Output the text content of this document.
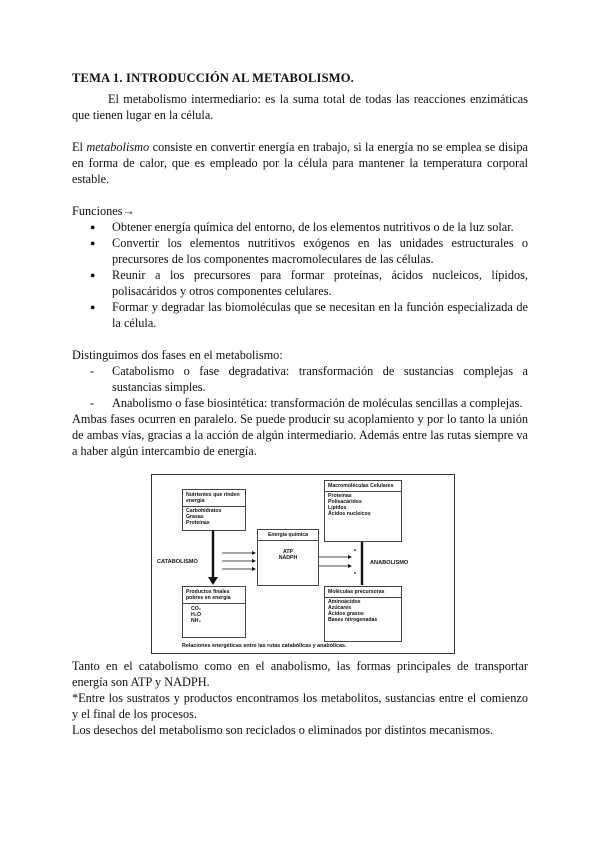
TEMA 1. INTRODUCCIÓN AL METABOLISMO.

El metabolismo intermediario: es la suma total de todas las reacciones enzimáticas que tienen lugar en la célula.

El metabolismo consiste en convertir energía en trabajo, si la energía no se emplea se disipa en forma de calor, que es empleado por la célula para mantener la temperatura corporal estable.

Funciones→

● Obtener energía química del entorno, de los elementos nutritivos o de la luz solar.
● Convertir los elementos nutritivos exógenos en las unidades estructurales o precursores de los componentes macromoleculares de las células.
● Reunir a los precursores para formar proteínas, ácidos nucleicos, lípidos, polisacáridos y otros componentes celulares.
● Formar y degradar las biomoléculas que se necesitan en la función especializada de la célula.

Distinguimos dos fases en el metabolismo:

- Catabolismo o fase degradativa: transformación de sustancias complejas a sustancias simples.
- Anabolismo o fase biosintética: transformación de moléculas sencillas a complejas.

Ambas fases ocurren en paralelo. Se puede producir su acoplamiento y por lo tanto la unión de ambas vías, gracias a la acción de algún intermediario. Además entre las rutas siempre va a haber algún intercambio de energía.

Nutrientes que rinden energía
Carbohidratos
Grasas
Proteínas
CATABOLISMO
Productos finales pobres en energía
CO₂
H₂O
NH₃
Energía química
ATP
NADPH
Macromoléculas Celulares
Proteínas
Polisacáridos
Lípidos
Ácidos nucleicos
ANABOLISMO
Moléculas precursoras
Aminoácidos
Azúcares
Ácidos grasos
Bases nitrogenadas
Relaciones energéticas entre las rutas catabólicas y anabólicas.

Tanto en el catabolismo como en el anabolismo, las formas principales de transportar energía son ATP y NADPH.

*Entre los sustratos y productos encontramos los metabolitos, sustancias entre el comienzo y el final de los procesos.

Los desechos del metabolismo son reciclados o eliminados por distintos mecanismos.
